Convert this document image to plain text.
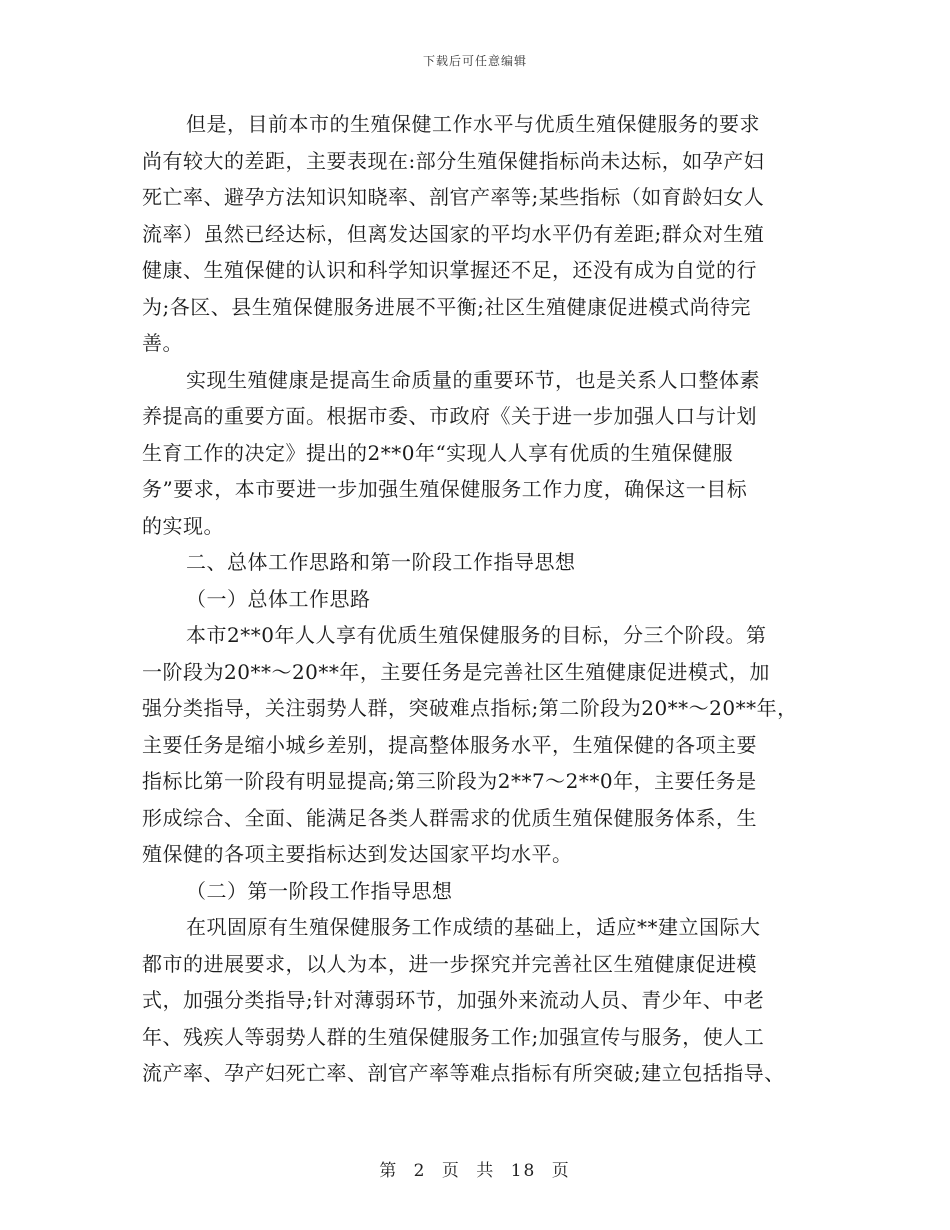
下载后可任意编辑
但是，目前本市的生殖保健工作水平与优质生殖保健服务的要求
尚有较大的差距，主要表现在:部分生殖保健指标尚未达标，如孕产妇
死亡率、避孕方法知识知晓率、剖官产率等;某些指标（如育龄妇女人
流率）虽然已经达标，但离发达国家的平均水平仍有差距;群众对生殖
健康、生殖保健的认识和科学知识掌握还不足，还没有成为自觉的行
为;各区、县生殖保健服务进展不平衡;社区生殖健康促进模式尚待完
善。
实现生殖健康是提高生命质量的重要环节，也是关系人口整体素
养提高的重要方面。根据市委、市政府《关于进一步加强人口与计划
生育工作的决定》提出的2**0年“实现人人享有优质的生殖保健服
务”要求，本市要进一步加强生殖保健服务工作力度，确保这一目标
的实现。
二、总体工作思路和第一阶段工作指导思想
（一）总体工作思路
本市2**0年人人享有优质生殖保健服务的目标，分三个阶段。第
一阶段为20**～20**年，主要任务是完善社区生殖健康促进模式，加
强分类指导，关注弱势人群，突破难点指标;第二阶段为20**～20**年，
主要任务是缩小城乡差别，提高整体服务水平，生殖保健的各项主要
指标比第一阶段有明显提高;第三阶段为2**7～2**0年，主要任务是
形成综合、全面、能满足各类人群需求的优质生殖保健服务体系，生
殖保健的各项主要指标达到发达国家平均水平。
（二）第一阶段工作指导思想
在巩固原有生殖保健服务工作成绩的基础上，适应**建立国际大
都市的进展要求，以人为本，进一步探究并完善社区生殖健康促进模
式，加强分类指导;针对薄弱环节，加强外来流动人员、青少年、中老
年、残疾人等弱势人群的生殖保健服务工作;加强宣传与服务，使人工
流产率、孕产妇死亡率、剖官产率等难点指标有所突破;建立包括指导、
第 2 页 共 18 页
